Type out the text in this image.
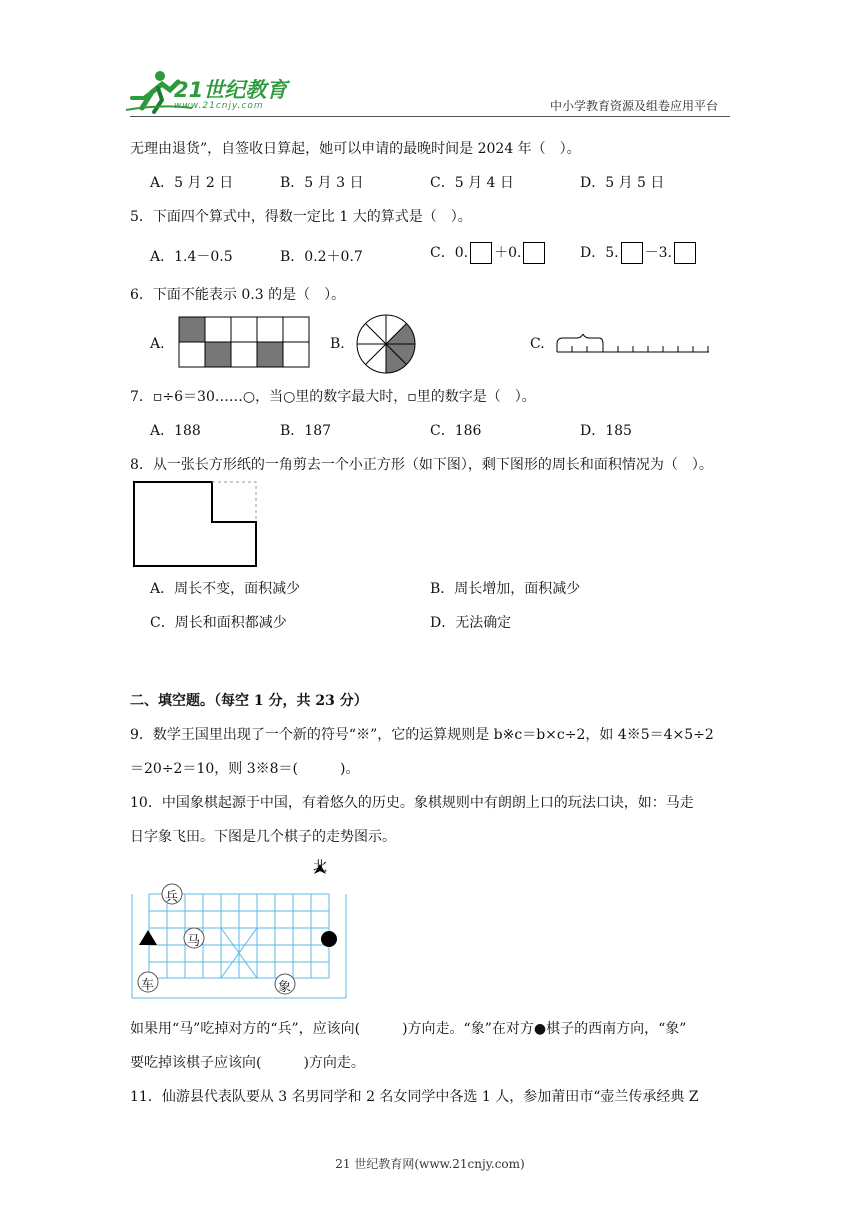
21世纪教育
www.21cnjy.com	中小学教育资源及组卷应用平台
无理由退货”，自签收日算起，她可以申请的最晚时间是 2024 年（　）。
A．5 月 2 日	B．5 月 3 日	C．5 月 4 日	D．5 月 5 日
5．下面四个算式中，得数一定比 1 大的算式是（　）。
A．1.4－0.5	B．0.2＋0.7	C．0. ＋0.	D．5. －3.
6．下面不能表示 0.3 的是（　）。
A.	B.	C.
7．▫÷6＝30……○，当○里的数字最大时，▫里的数字是（　）。
A．188	B．187	C．186	D．185
8．从一张长方形纸的一角剪去一个小正方形（如下图），剩下图形的周长和面积情况为（　）。
A．周长不变，面积减少	B．周长增加，面积减少
C．周长和面积都减少	D．无法确定
二、填空题。（每空 1 分，共 23 分）
9．数学王国里出现了一个新的符号“※”，它的运算规则是 b※c＝b×c÷2，如 4※5＝4×5÷2
＝20÷2＝10，则 3※8＝(　　　)。
10．中国象棋起源于中国，有着悠久的历史。象棋规则中有朗朗上口的玩法口诀，如：马走
日字象飞田。下图是几个棋子的走势图示。
北
兵
马
车	象
如果用“马”吃掉对方的“兵”，应该向(　　　)方向走。“象”在对方●棋子的西南方向，“象”
要吃掉该棋子应该向(　　　)方向走。
11．仙游县代表队要从 3 名男同学和 2 名女同学中各选 1 人，参加莆田市“壶兰传承经典 Z
21 世纪教育网(www.21cnjy.com)
